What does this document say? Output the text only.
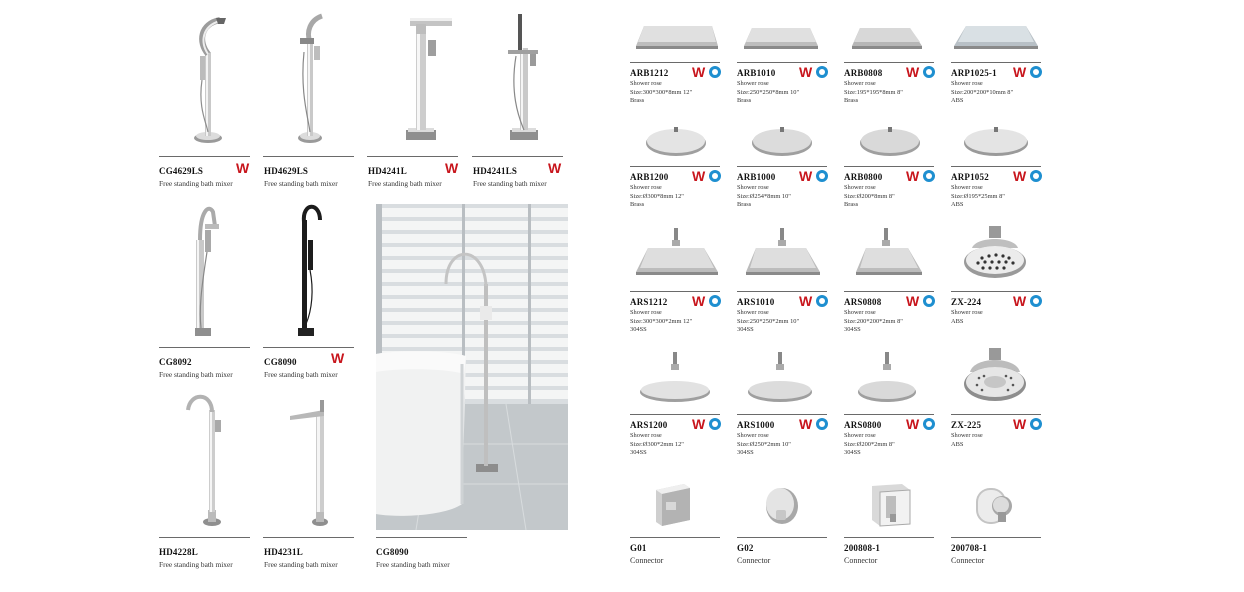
CG4629LS
Free standing bath mixer
HD4629LS
Free standing bath mixer
HD4241L
Free standing bath mixer
HD4241LS
Free standing bath mixer
W	W	W
CG8092
Free standing bath mixer
CG8090
Free standing bath mixer
W
HD4228L
Free standing bath mixer
HD4231L
Free standing bath mixer
CG8090
Free standing bath mixer
ARB1212
Shower rose
Size:300*300*8mm 12"
Brass
W	ARB1010
Shower rose
Size:250*250*8mm 10"
Brass
W	ARB0808
Shower rose
Size:195*195*8mm 8"
Brass
W	ARP1025-1
Shower rose
Size:200*200*10mm 8"
ABS
W
ARB1200
Shower rose
Size:Ø300*8mm 12"
Brass
W	ARB1000
Shower rose
Size:Ø254*8mm 10"
Brass
W	ARB0800
Shower rose
Size:Ø200*8mm 8"
Brass
W	ARP1052
Shower rose
Size:Ø195*25mm 8"
ABS
W
ARS1212
Shower rose
Size:300*300*2mm 12"
304SS
W	ARS1010
Shower rose
Size:250*250*2mm 10"
304SS
W	ARS0808
Shower rose
Size:200*200*2mm 8"
304SS
W	ZX-224
Shower rose
ABS
W
ARS1200
Shower rose
Size:Ø300*2mm 12"
304SS
W	ARS1000
Shower rose
Size:Ø250*2mm 10"
304SS
W	ARS0800
Shower rose
Size:Ø200*2mm 8"
304SS
W	ZX-225
Shower rose
ABS
W
G01
Connector
G02
Connector
200808-1
Connector
200708-1
Connector
